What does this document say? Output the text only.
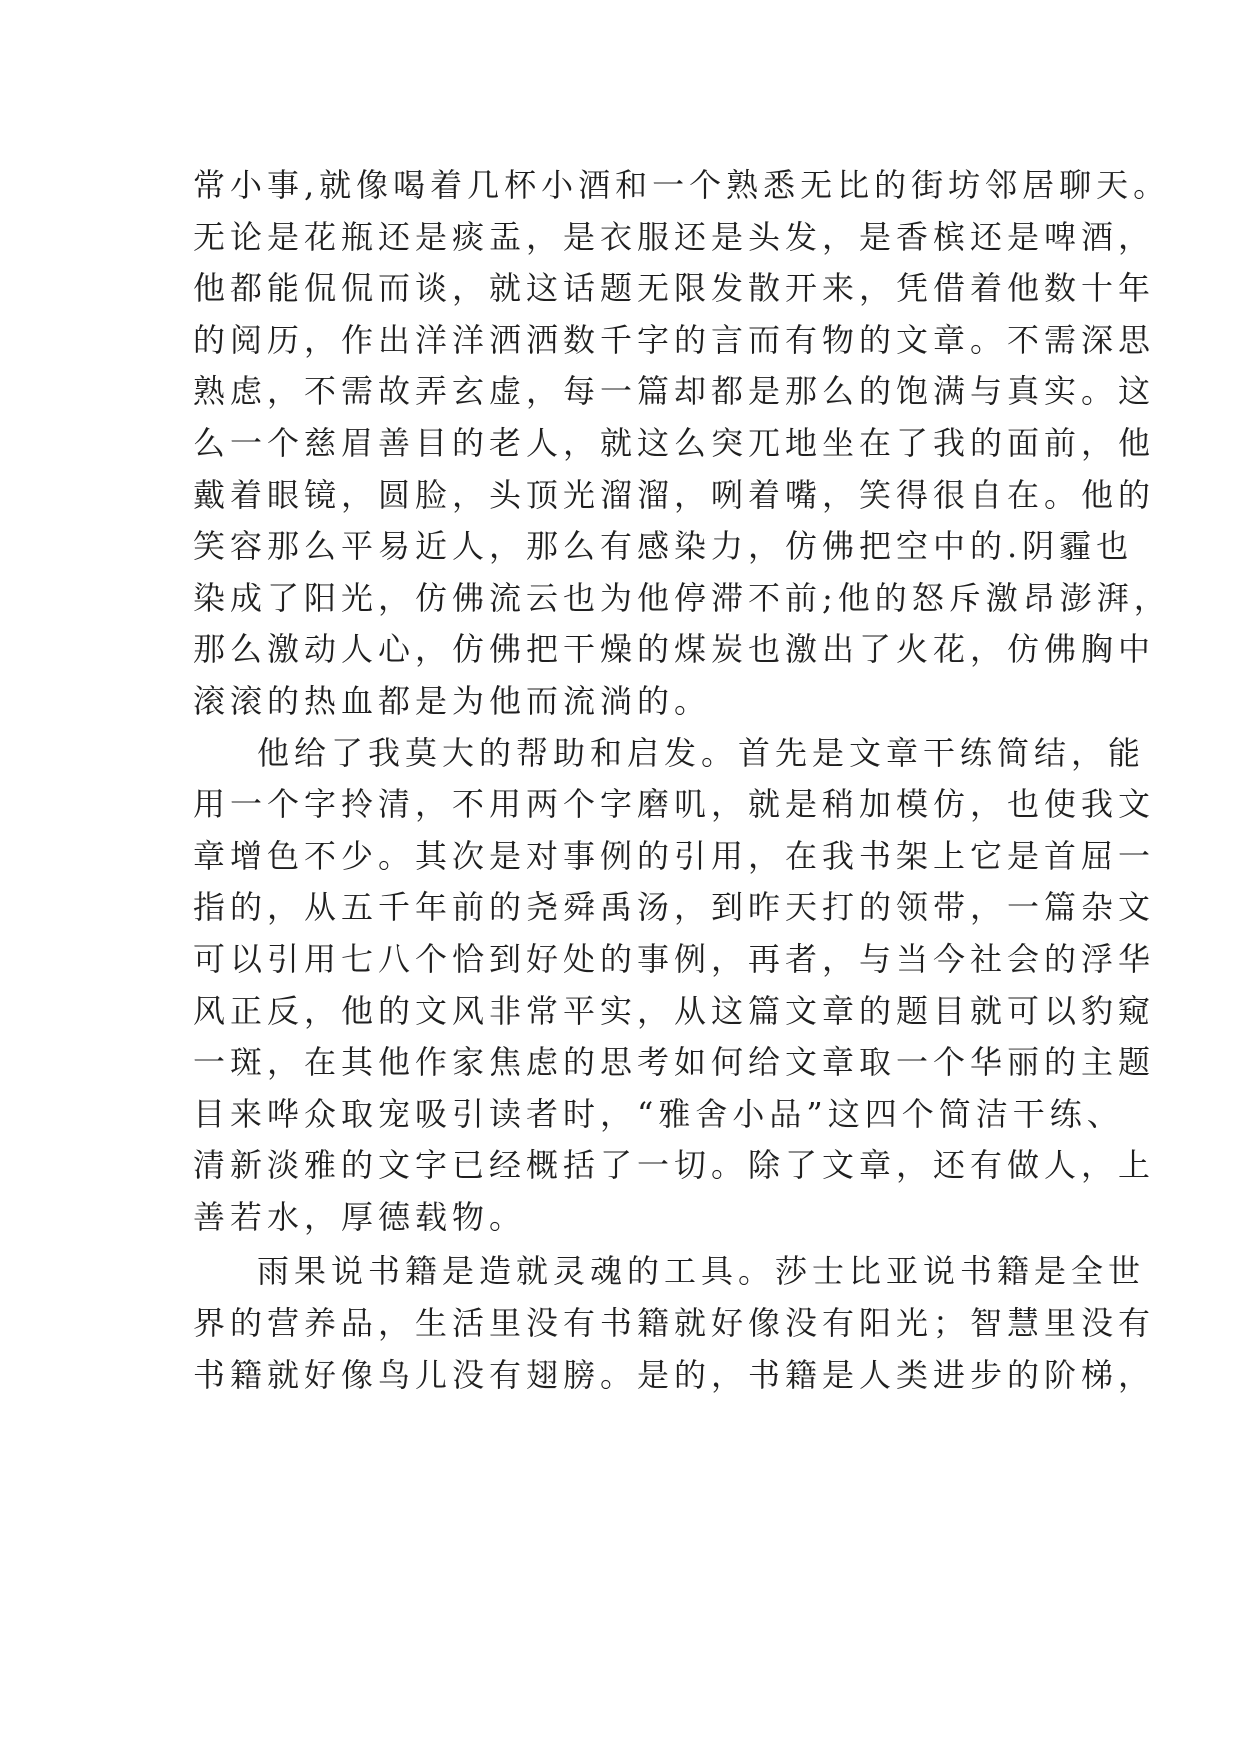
常小事,就像喝着几杯小酒和一个熟悉无比的街坊邻居聊天。
无论是花瓶还是痰盂，是衣服还是头发，是香槟还是啤酒，
他都能侃侃而谈，就这话题无限发散开来，凭借着他数十年
的阅历，作出洋洋洒洒数千字的言而有物的文章。不需深思
熟虑，不需故弄玄虚，每一篇却都是那么的饱满与真实。这
么一个慈眉善目的老人，就这么突兀地坐在了我的面前，他
戴着眼镜，圆脸，头顶光溜溜，咧着嘴，笑得很自在。他的
笑容那么平易近人，那么有感染力，仿佛把空中的.阴霾也
染成了阳光，仿佛流云也为他停滞不前;他的怒斥激昂澎湃，
那么激动人心，仿佛把干燥的煤炭也激出了火花，仿佛胸中
滚滚的热血都是为他而流淌的。
他给了我莫大的帮助和启发。首先是文章干练简结，能
用一个字拎清，不用两个字磨叽，就是稍加模仿，也使我文
章增色不少。其次是对事例的引用，在我书架上它是首屈一
指的，从五千年前的尧舜禹汤，到昨天打的领带，一篇杂文
可以引用七八个恰到好处的事例，再者，与当今社会的浮华
风正反，他的文风非常平实，从这篇文章的题目就可以豹窥
一斑，在其他作家焦虑的思考如何给文章取一个华丽的主题
目来哗众取宠吸引读者时，“雅舍小品”这四个简洁干练、
清新淡雅的文字已经概括了一切。除了文章，还有做人，上
善若水，厚德载物。
雨果说书籍是造就灵魂的工具。莎士比亚说书籍是全世
界的营养品，生活里没有书籍就好像没有阳光；智慧里没有
书籍就好像鸟儿没有翅膀。是的，书籍是人类进步的阶梯，
